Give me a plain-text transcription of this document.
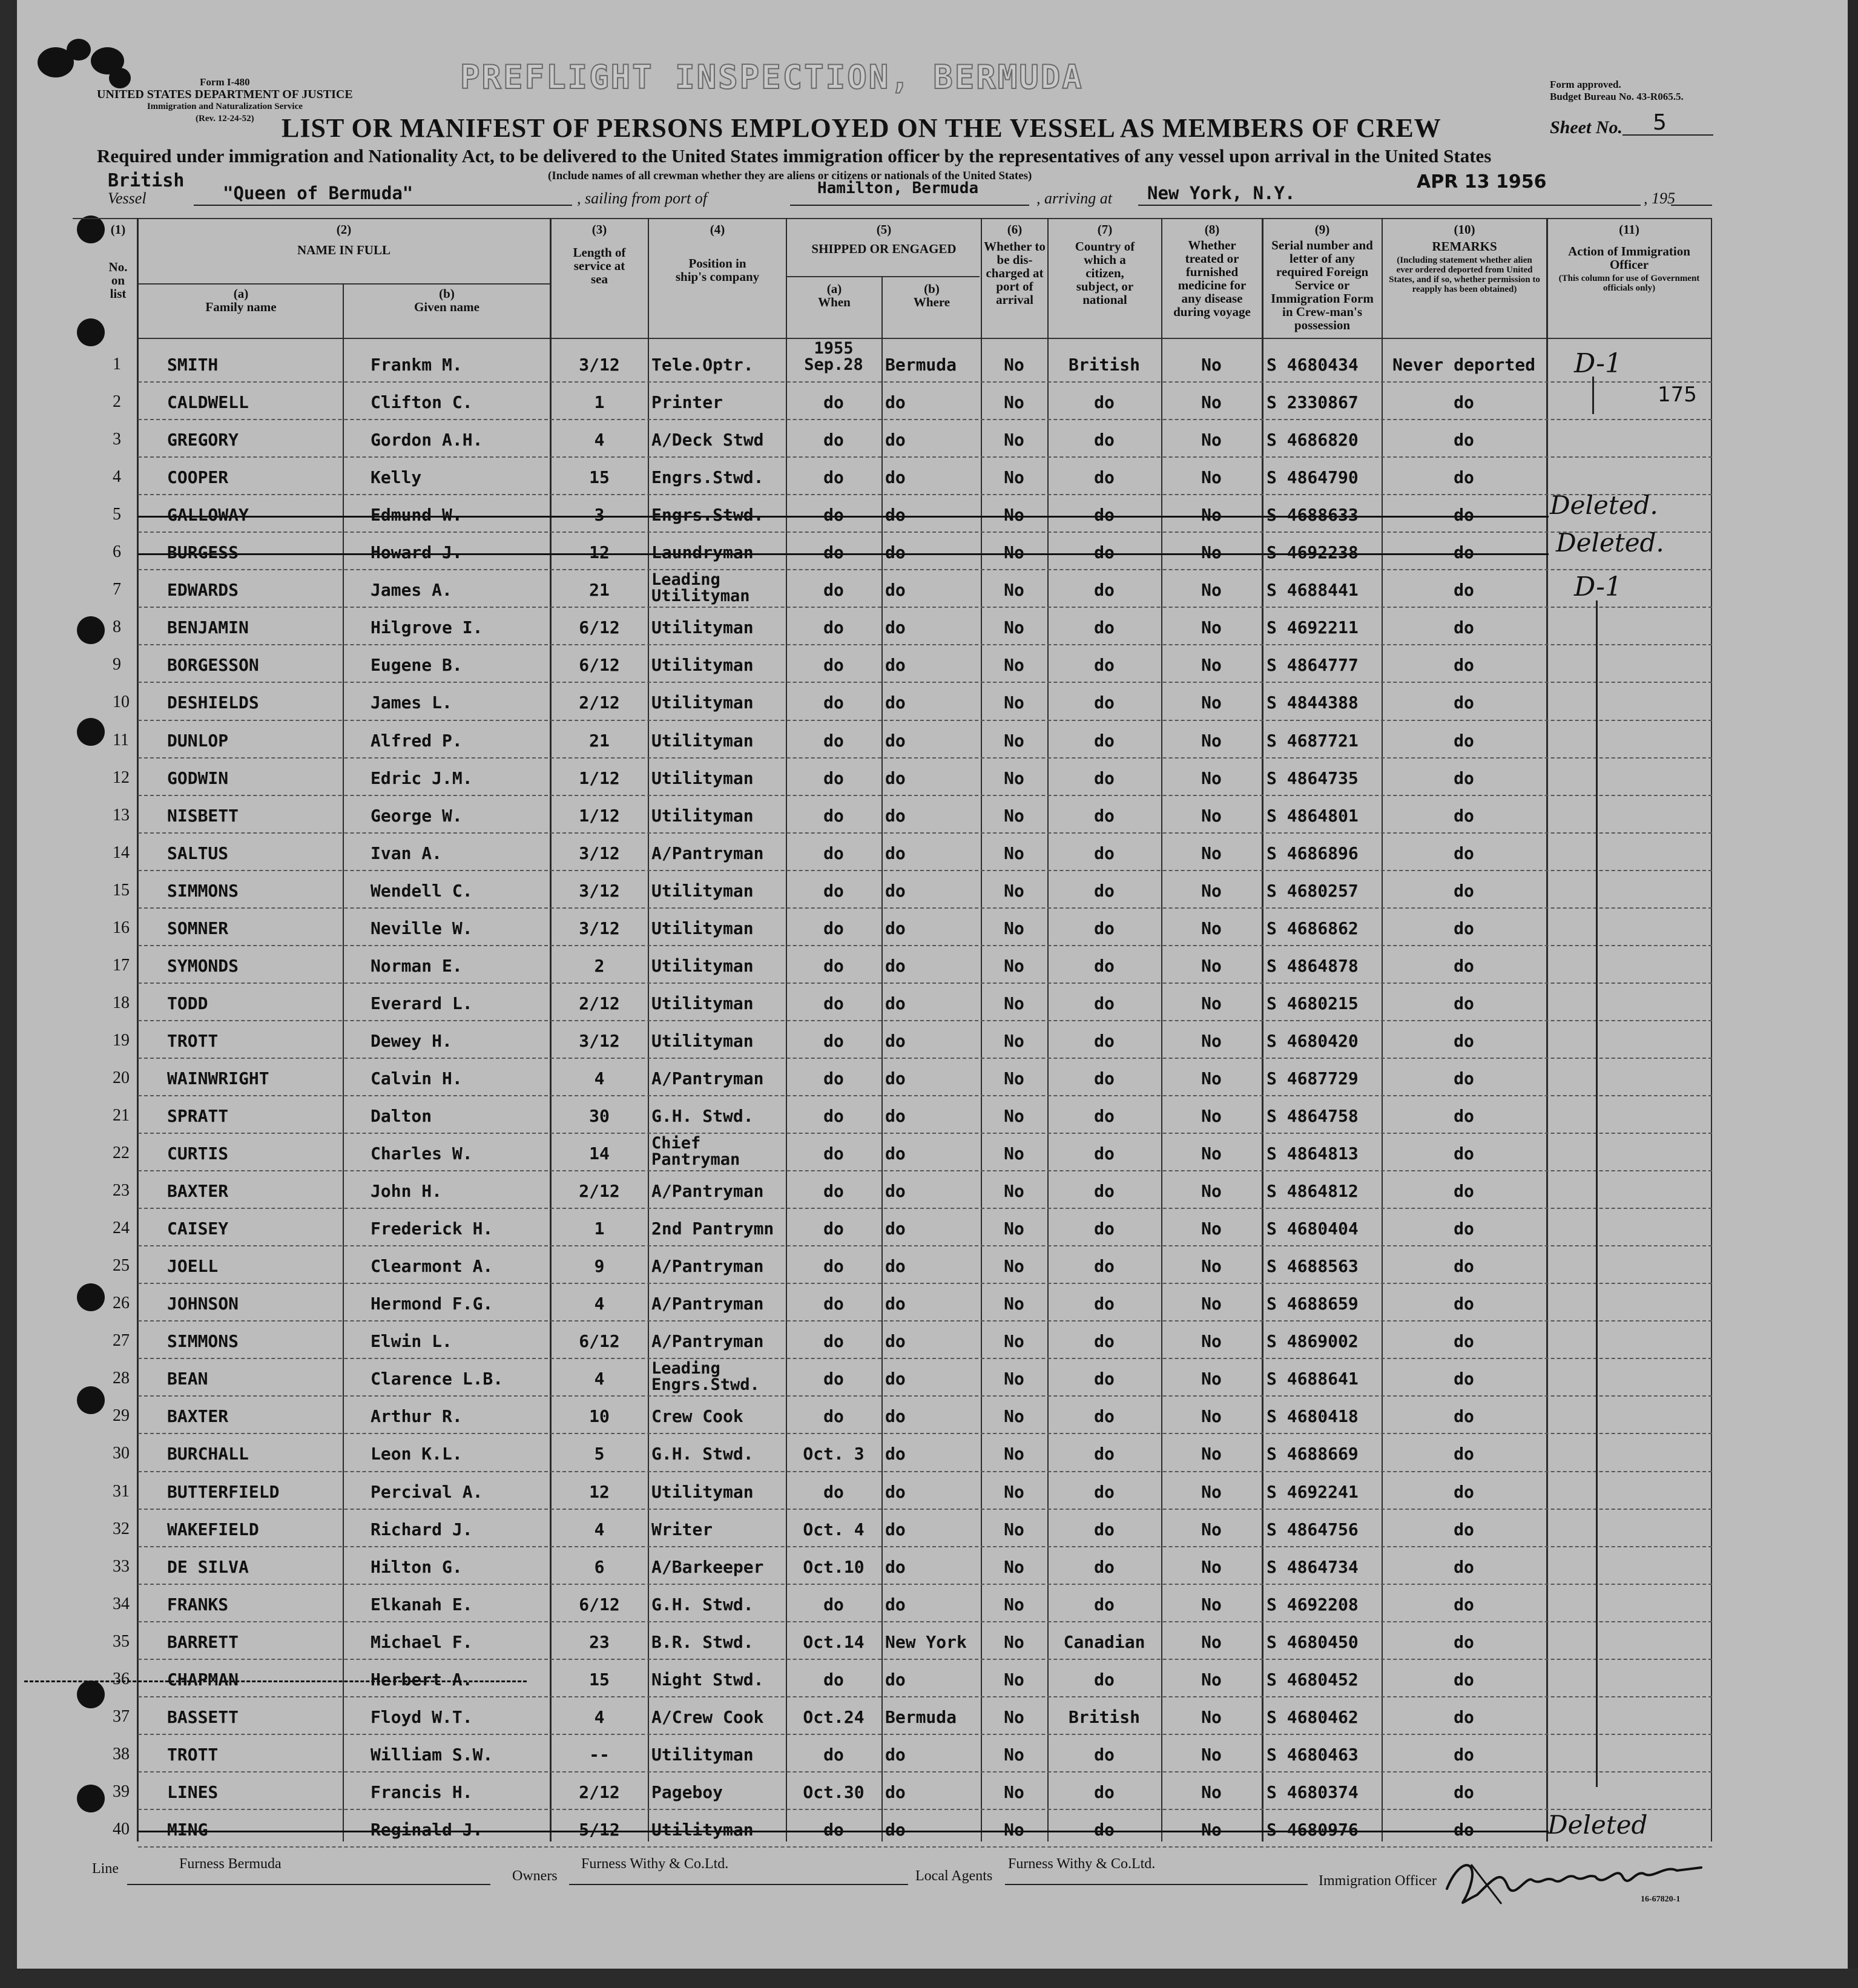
Form I-480
UNITED STATES DEPARTMENT OF JUSTICE
Immigration and Naturalization Service
(Rev. 12-24-52)
PREFLIGHT INSPECTION, BERMUDA	Form approved.
Budget Bureau No. 43-R065.5.
LIST OR MANIFEST OF PERSONS EMPLOYED ON THE VESSEL AS MEMBERS OF CREW	Sheet No. 5
Required under immigration and Nationality Act, to be delivered to the United States immigration officer by the representatives of any vessel upon arrival in the United States
(Include names of all crewman whether they are aliens or citizens or nationals of the United States)
British
Vessel	"Queen of Bermuda"	, sailing from port of
Hamilton, Bermuda
, arriving at New York, N.Y.
APR 13 1956
, 195
(1)
No. on list
(2)
NAME IN FULL
(a)
Family name
(b)
Given name
(3)
Length of service at sea
(4)
Position in ship's company
(5)
SHIPPED OR ENGAGED
(a)
When
(b)
Where
(6)
Whether to be dis-charged at port of arrival
(7)
Country of which a citizen, subject, or national
(8)
Whether treated or furnished medicine for any disease during voyage
(9)
Serial number and letter of any required Foreign Service or Immigration Form in Crew-man's possession
(10)
REMARKS
(Including statement whether alien ever ordered deported from United States, and if so, whether permission to reapply has been obtained)
(11)
Action of Immigration Officer
(This column for use of Government officials only)
1	SMITH	Frankm M.	3/12	Tele.Optr.
1955
Sep.28	Bermuda	No	British	No	S 4680434	Never deported
2	CALDWELL	Clifton C.	1	Printer	do	do	No	do	No	S 2330867	do
3	GREGORY	Gordon A.H.	4	A/Deck Stwd	do	do	No	do	No	S 4686820	do
4	COOPER	Kelly	15	Engrs.Stwd.	do	do	No	do	No	S 4864790	do
5	GALLOWAY	Edmund W.	3	Engrs.Stwd.	do	do	No	do	No	S 4688633	do
6	BURGESS	Howard J.	12	Laundryman	do	do	No	do	No	S 4692238	do
7	EDWARDS	James A.	21
Leading
Utilityman	do	do	No	do	No	S 4688441	do
8	BENJAMIN	Hilgrove I.	6/12	Utilityman	do	do	No	do	No	S 4692211	do
9	BORGESSON	Eugene B.	6/12	Utilityman	do	do	No	do	No	S 4864777	do
10 DESHIELDS	James L.	2/12	Utilityman	do	do	No	do	No	S 4844388	do
11 DUNLOP	Alfred P.	21	Utilityman	do	do	No	do	No	S 4687721	do
12 GODWIN	Edric J.M.	1/12	Utilityman	do	do	No	do	No	S 4864735	do
13 NISBETT	George W.	1/12	Utilityman	do	do	No	do	No	S 4864801	do
14 SALTUS	Ivan A.	3/12	A/Pantryman	do	do	No	do	No	S 4686896	do
15 SIMMONS	Wendell C.	3/12	Utilityman	do	do	No	do	No	S 4680257	do
16 SOMNER	Neville W.	3/12	Utilityman	do	do	No	do	No	S 4686862	do
17 SYMONDS	Norman E.	2	Utilityman	do	do	No	do	No	S 4864878	do
18 TODD	Everard L.	2/12	Utilityman	do	do	No	do	No	S 4680215	do
19 TROTT	Dewey H.	3/12	Utilityman	do	do	No	do	No	S 4680420	do
20 WAINWRIGHT	Calvin H.	4	A/Pantryman	do	do	No	do	No	S 4687729	do
21 SPRATT	Dalton	30	G.H. Stwd.	do	do	No	do	No	S 4864758	do
22 CURTIS	Charles W.	14
Chief
Pantryman	do	do	No	do	No	S 4864813	do
23 BAXTER	John H.	2/12	A/Pantryman	do	do	No	do	No	S 4864812	do
24 CAISEY	Frederick H.	1	2nd Pantrymn	do	do	No	do	No	S 4680404	do
25 JOELL	Clearmont A.	9	A/Pantryman	do	do	No	do	No	S 4688563	do
26 JOHNSON	Hermond F.G.	4	A/Pantryman	do	do	No	do	No	S 4688659	do
27 SIMMONS	Elwin L.	6/12	A/Pantryman	do	do	No	do	No	S 4869002	do
28 BEAN	Clarence L.B.	4
Leading
Engrs.Stwd.	do	do	No	do	No	S 4688641	do
29 BAXTER	Arthur R.	10	Crew Cook	do	do	No	do	No	S 4680418	do
30 BURCHALL	Leon K.L.	5	G.H. Stwd.	Oct. 3	do	No	do	No	S 4688669	do
31 BUTTERFIELD	Percival A.	12	Utilityman	do	do	No	do	No	S 4692241	do
32 WAKEFIELD	Richard J.	4	Writer	Oct. 4	do	No	do	No	S 4864756	do
33 DE SILVA	Hilton G.	6	A/Barkeeper	Oct.10	do	No	do	No	S 4864734	do
34 FRANKS	Elkanah E.	6/12	G.H. Stwd.	do	do	No	do	No	S 4692208	do
35 BARRETT	Michael F.	23	B.R. Stwd.	Oct.14	New York	No	Canadian	No	S 4680450	do
36 CHAPMAN	Herbert A.	15	Night Stwd.	do	do	No	do	No	S 4680452	do
37 BASSETT	Floyd W.T.	4	A/Crew Cook	Oct.24	Bermuda	No	British	No	S 4680462	do
38 TROTT	William S.W.	--	Utilityman	do	do	No	do	No	S 4680463	do
39 LINES	Francis H.	2/12	Pageboy	Oct.30	do	No	do	No	S 4680374	do
40 MING	Reginald J.	5/12	Utilityman	do	do	No	do	No	S 4680976	do
D-1
175
Deleted.
Deleted.
D-1
Deleted
Line	Furness Bermuda
Owners
Furness Withy & Co.Ltd.
Local Agents
Furness Withy & Co.Ltd.
Immigration Officer
16-67820-1
